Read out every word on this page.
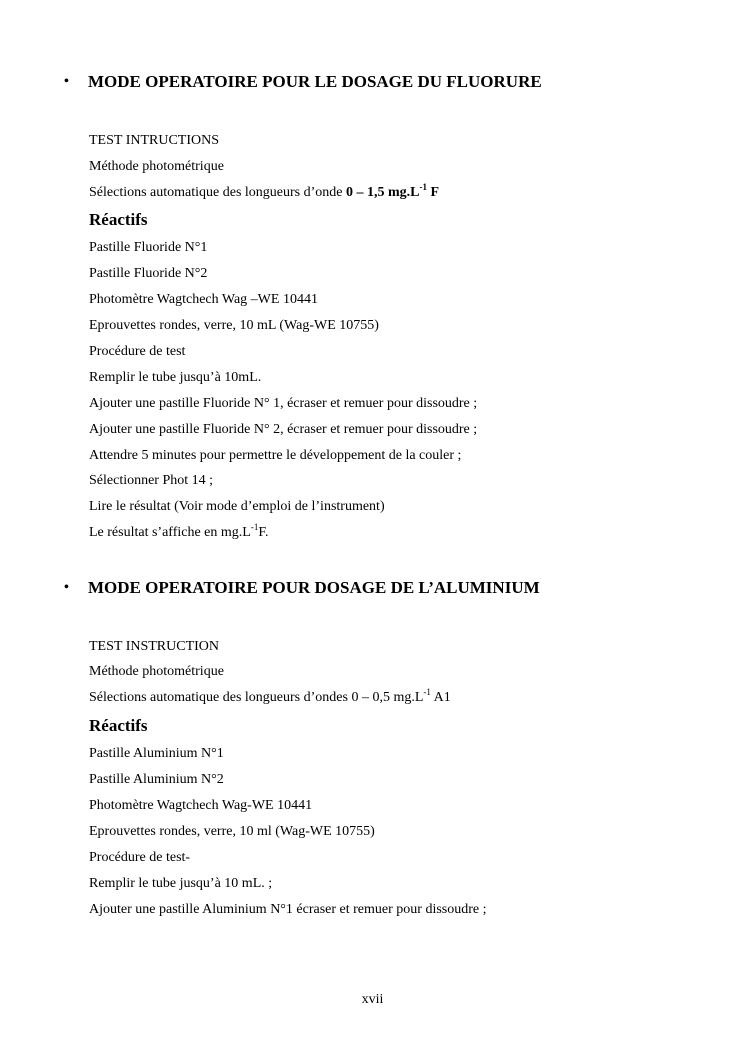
• MODE OPERATOIRE POUR LE DOSAGE DU FLUORURE
TEST INTRUCTIONS
Méthode photométrique
Sélections automatique des longueurs d’onde 0 – 1,5 $mg.L^{-1}$ F
Réactifs
Pastille Fluoride N°1
Pastille Fluoride N°2
Photomètre Wagtchech Wag –WE 10441
Eprouvettes rondes, verre, 10 mL (Wag-WE 10755)
Procédure de test
Remplir le tube jusqu’à 10mL.
Ajouter une pastille Fluoride N° 1, écraser et remuer pour dissoudre ;
Ajouter une pastille Fluoride N° 2, écraser et remuer pour dissoudre ;
Attendre 5 minutes pour permettre le développement de la couler ;
Sélectionner Phot 14 ;
Lire le résultat (Voir mode d’emploi de l’instrument)
Le résultat s’affiche en $mg.L^{-1}F$.
• MODE OPERATOIRE POUR DOSAGE DE L’ALUMINIUM
TEST INSTRUCTION
Méthode photométrique
Sélections automatique des longueurs d’ondes 0 – 0,5 $mg.L^{-1}$ A1
Réactifs
Pastille Aluminium N°1
Pastille Aluminium N°2
Photomètre Wagtchech Wag-WE 10441
Eprouvettes rondes, verre, 10 ml (Wag-WE 10755)
Procédure de test-
Remplir le tube jusqu’à 10 mL. ;
Ajouter une pastille Aluminium N°1 écraser et remuer pour dissoudre ;
xvii
